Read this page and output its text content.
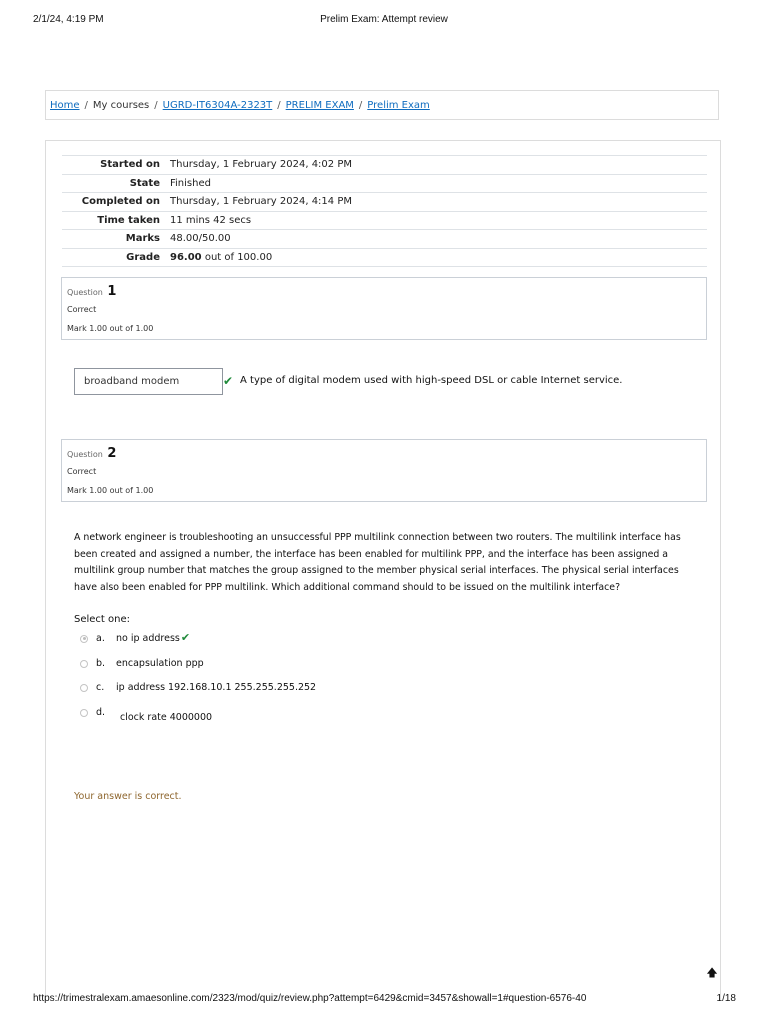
2/1/24, 4:19 PM	Prelim Exam: Attempt review
Home / My courses / UGRD-IT6304A-2323T / PRELIM EXAM / Prelim Exam
Started on	Thursday, 1 February 2024, 4:02 PM
State	Finished
Completed on	Thursday, 1 February 2024, 4:14 PM
Time taken	11 mins 42 secs
Marks	48.00/50.00
Grade	96.00 out of 100.00
Question 1
Correct
Mark 1.00 out of 1.00
broadband modem	✔ A type of digital modem used with high-speed DSL or cable Internet service.
Question 2
Correct
Mark 1.00 out of 1.00
A network engineer is troubleshooting an unsuccessful PPP multilink connection between two routers. The multilink interface has been created and assigned a number, the interface has been enabled for multilink PPP, and the interface has been assigned a multilink group number that matches the group assigned to the member physical serial interfaces. The physical serial interfaces have also been enabled for PPP multilink. Which additional command should to be issued on the multilink interface?
Select one:
a.	no ip address ✔
b.	encapsulation ppp
c.	ip address 192.168.10.1 255.255.255.252
d.	clock rate 4000000
Your answer is correct.
🡅
https://trimestralexam.amaesonline.com/2323/mod/quiz/review.php?attempt=6429&cmid=3457&showall=1#question-6576-40	1/18
